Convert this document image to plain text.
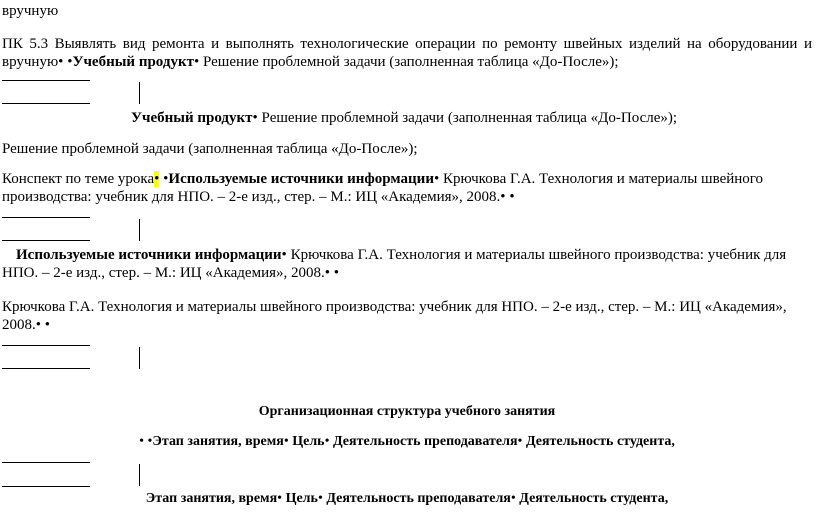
вручную
ПК 5.3 Выявлять вид ремонта и выполнять технологические операции по ремонту швейных изделий на оборудовании и
вручную• •Учебный продукт• Решение проблемной задачи (заполненная таблица «До-После»);
Учебный продукт• Решение проблемной задачи (заполненная таблица «До-После»);
Решение проблемной задачи (заполненная таблица «До-После»);
Конспект по теме урока• •Используемые источники информации• Крючкова Г.А. Технология и материалы швейного
производства: учебник для НПО. – 2-е изд., стер. – М.: ИЦ «Академия», 2008.• •
Используемые источники информации• Крючкова Г.А. Технология и материалы швейного производства: учебник для
НПО. – 2-е изд., стер. – М.: ИЦ «Академия», 2008.• •
Крючкова Г.А. Технология и материалы швейного производства: учебник для НПО. – 2-е изд., стер. – М.: ИЦ «Академия»,
2008.• •
Организационная структура учебного занятия
• •Этап занятия, время• Цель• Деятельность преподавателя• Деятельность студента,
Этап занятия, время• Цель• Деятельность преподавателя• Деятельность студента,
